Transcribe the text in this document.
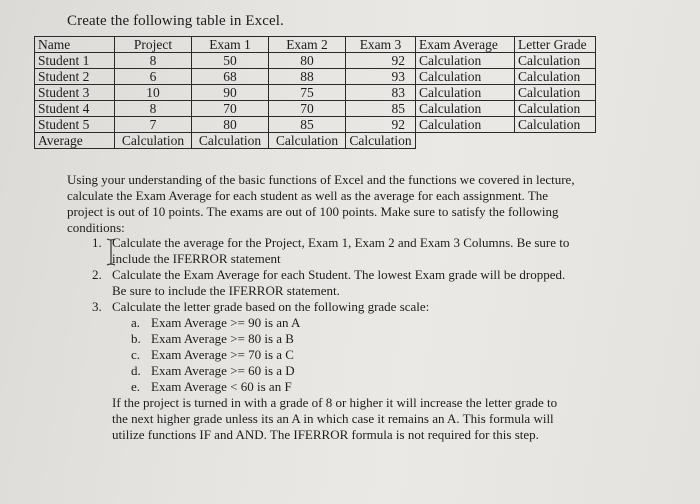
Create the following table in Excel.
Name	Project	Exam 1	Exam 2	Exam 3	Exam Average	Letter Grade
Student 1	8	50	80	92	Calculation	Calculation
Student 2	6	68	88	93	Calculation	Calculation
Student 3	10	90	75	83	Calculation	Calculation
Student 4	8	70	70	85	Calculation	Calculation
Student 5	7	80	85	92	Calculation	Calculation
Average	Calculation	Calculation	Calculation	Calculation		
Using your understanding of the basic functions of Excel and the functions we covered in lecture, calculate the Exam Average for each student as well as the average for each assignment. The project is out of 10 points. The exams are out of 100 points. Make sure to satisfy the following conditions:
1. Calculate the average for the Project, Exam 1, Exam 2 and Exam 3 Columns. Be sure to include the IFERROR statement
2. Calculate the Exam Average for each Student. The lowest Exam grade will be dropped. Be sure to include the IFERROR statement.
3. Calculate the letter grade based on the following grade scale:
a. Exam Average >= 90 is an A
b. Exam Average >= 80 is a B
c. Exam Average >= 70 is a C
d. Exam Average >= 60 is a D
e. Exam Average < 60 is an F
If the project is turned in with a grade of 8 or higher it will increase the letter grade to the next higher grade unless its an A in which case it remains an A. This formula will utilize functions IF and AND. The IFERROR formula is not required for this step.
